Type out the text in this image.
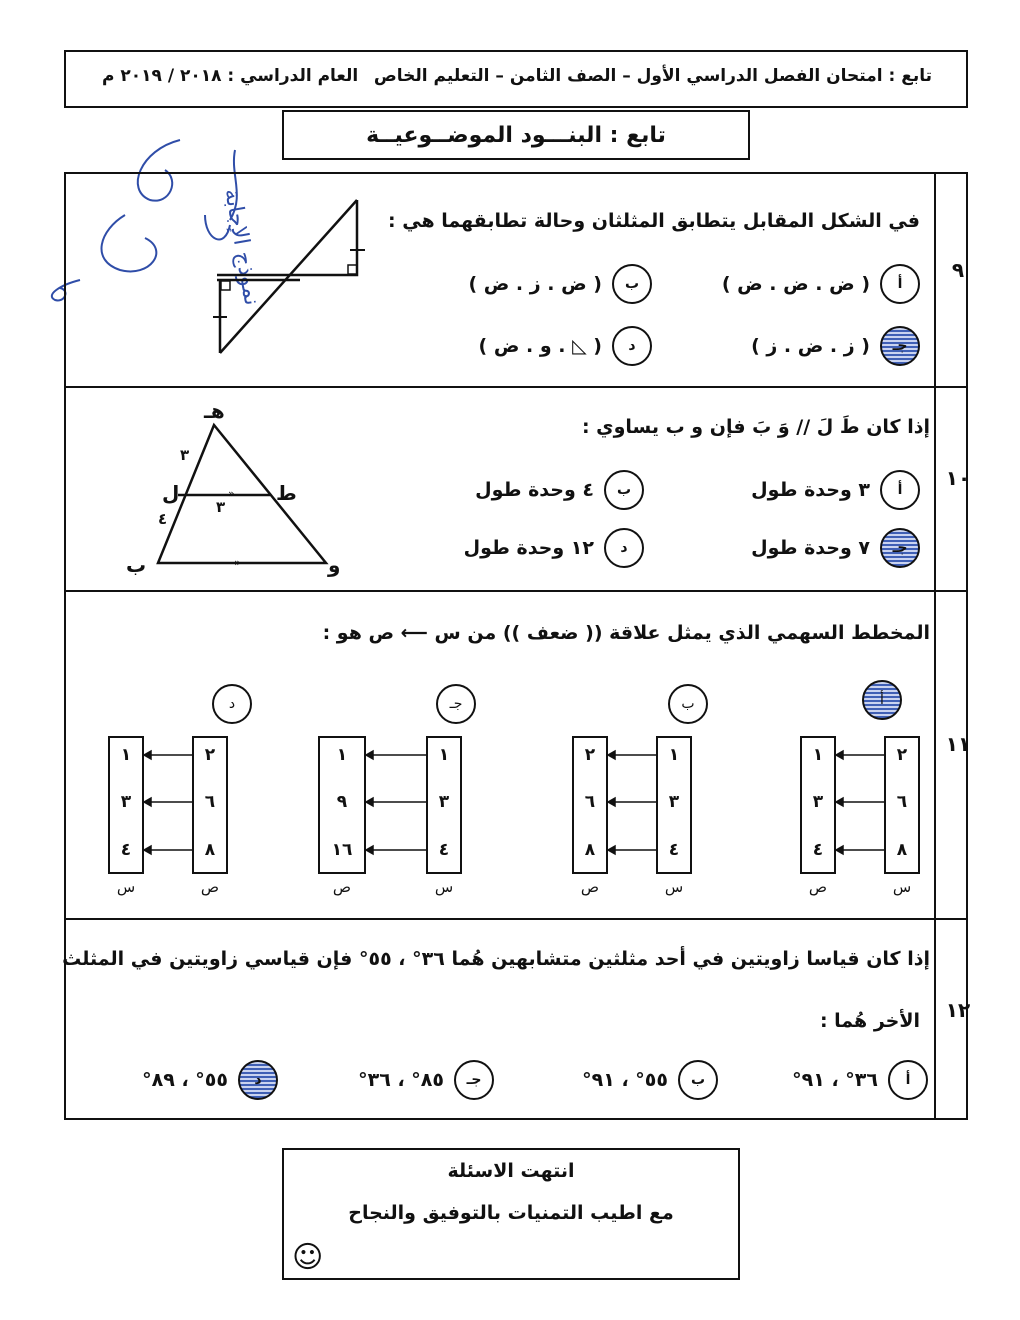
تابع : امتحان الفصل الدراسي الأول – الصف الثامن – التعليم الخاص
العام الدراسي : ٢٠١٨ / ٢٠١٩ م
تابع : البنـــود الموضــوعيــة
نموذج الإجابة	٩
في الشكل المقابل يتطابق المثلثان وحالة تطابقهما هي :
أ
( ض . ض . ض )
ب
( ض . ز . ض )
جـ
( ز . ض . ز )
د
( ◺ . و . ض )
١٠
إذا كان طَ لَ // وَ بَ فإن و ب يساوي :
»
»
هـ
ل	ط
ب	و
٣
٤
٣
أ
٣ وحدة طول
ب
٤ وحدة طول
جـ
٧ وحدة طول
د
١٢ وحدة طول
١١
المخطط السهمي الذي يمثل علاقة (( ضعف )) من س ⟵ ص هو :
أ
٢
٦
٨
١
٣
٤
س
ص
ب
١
٣
٤
٢
٦
٨
س
ص
جـ
١
٣
٤
١
٩
١٦
س
ص
د
٢
٦
٨
١
٣
٤
ص
س
١٢
إذا كان قياسا زاويتين في أحد مثلثين متشابهين هُما ٣٦° ، ٥٥° فإن قياسي زاويتين في المثلث
الأخر هُما :
أ
٣٦° ، ٩١°
ب
٥٥° ، ٩١°
جـ
٨٥° ، ٣٦°
د
٥٥° ، ٨٩°
انتهت الاسئلة
مع اطيب التمنيات بالتوفيق والنجاح
☺
